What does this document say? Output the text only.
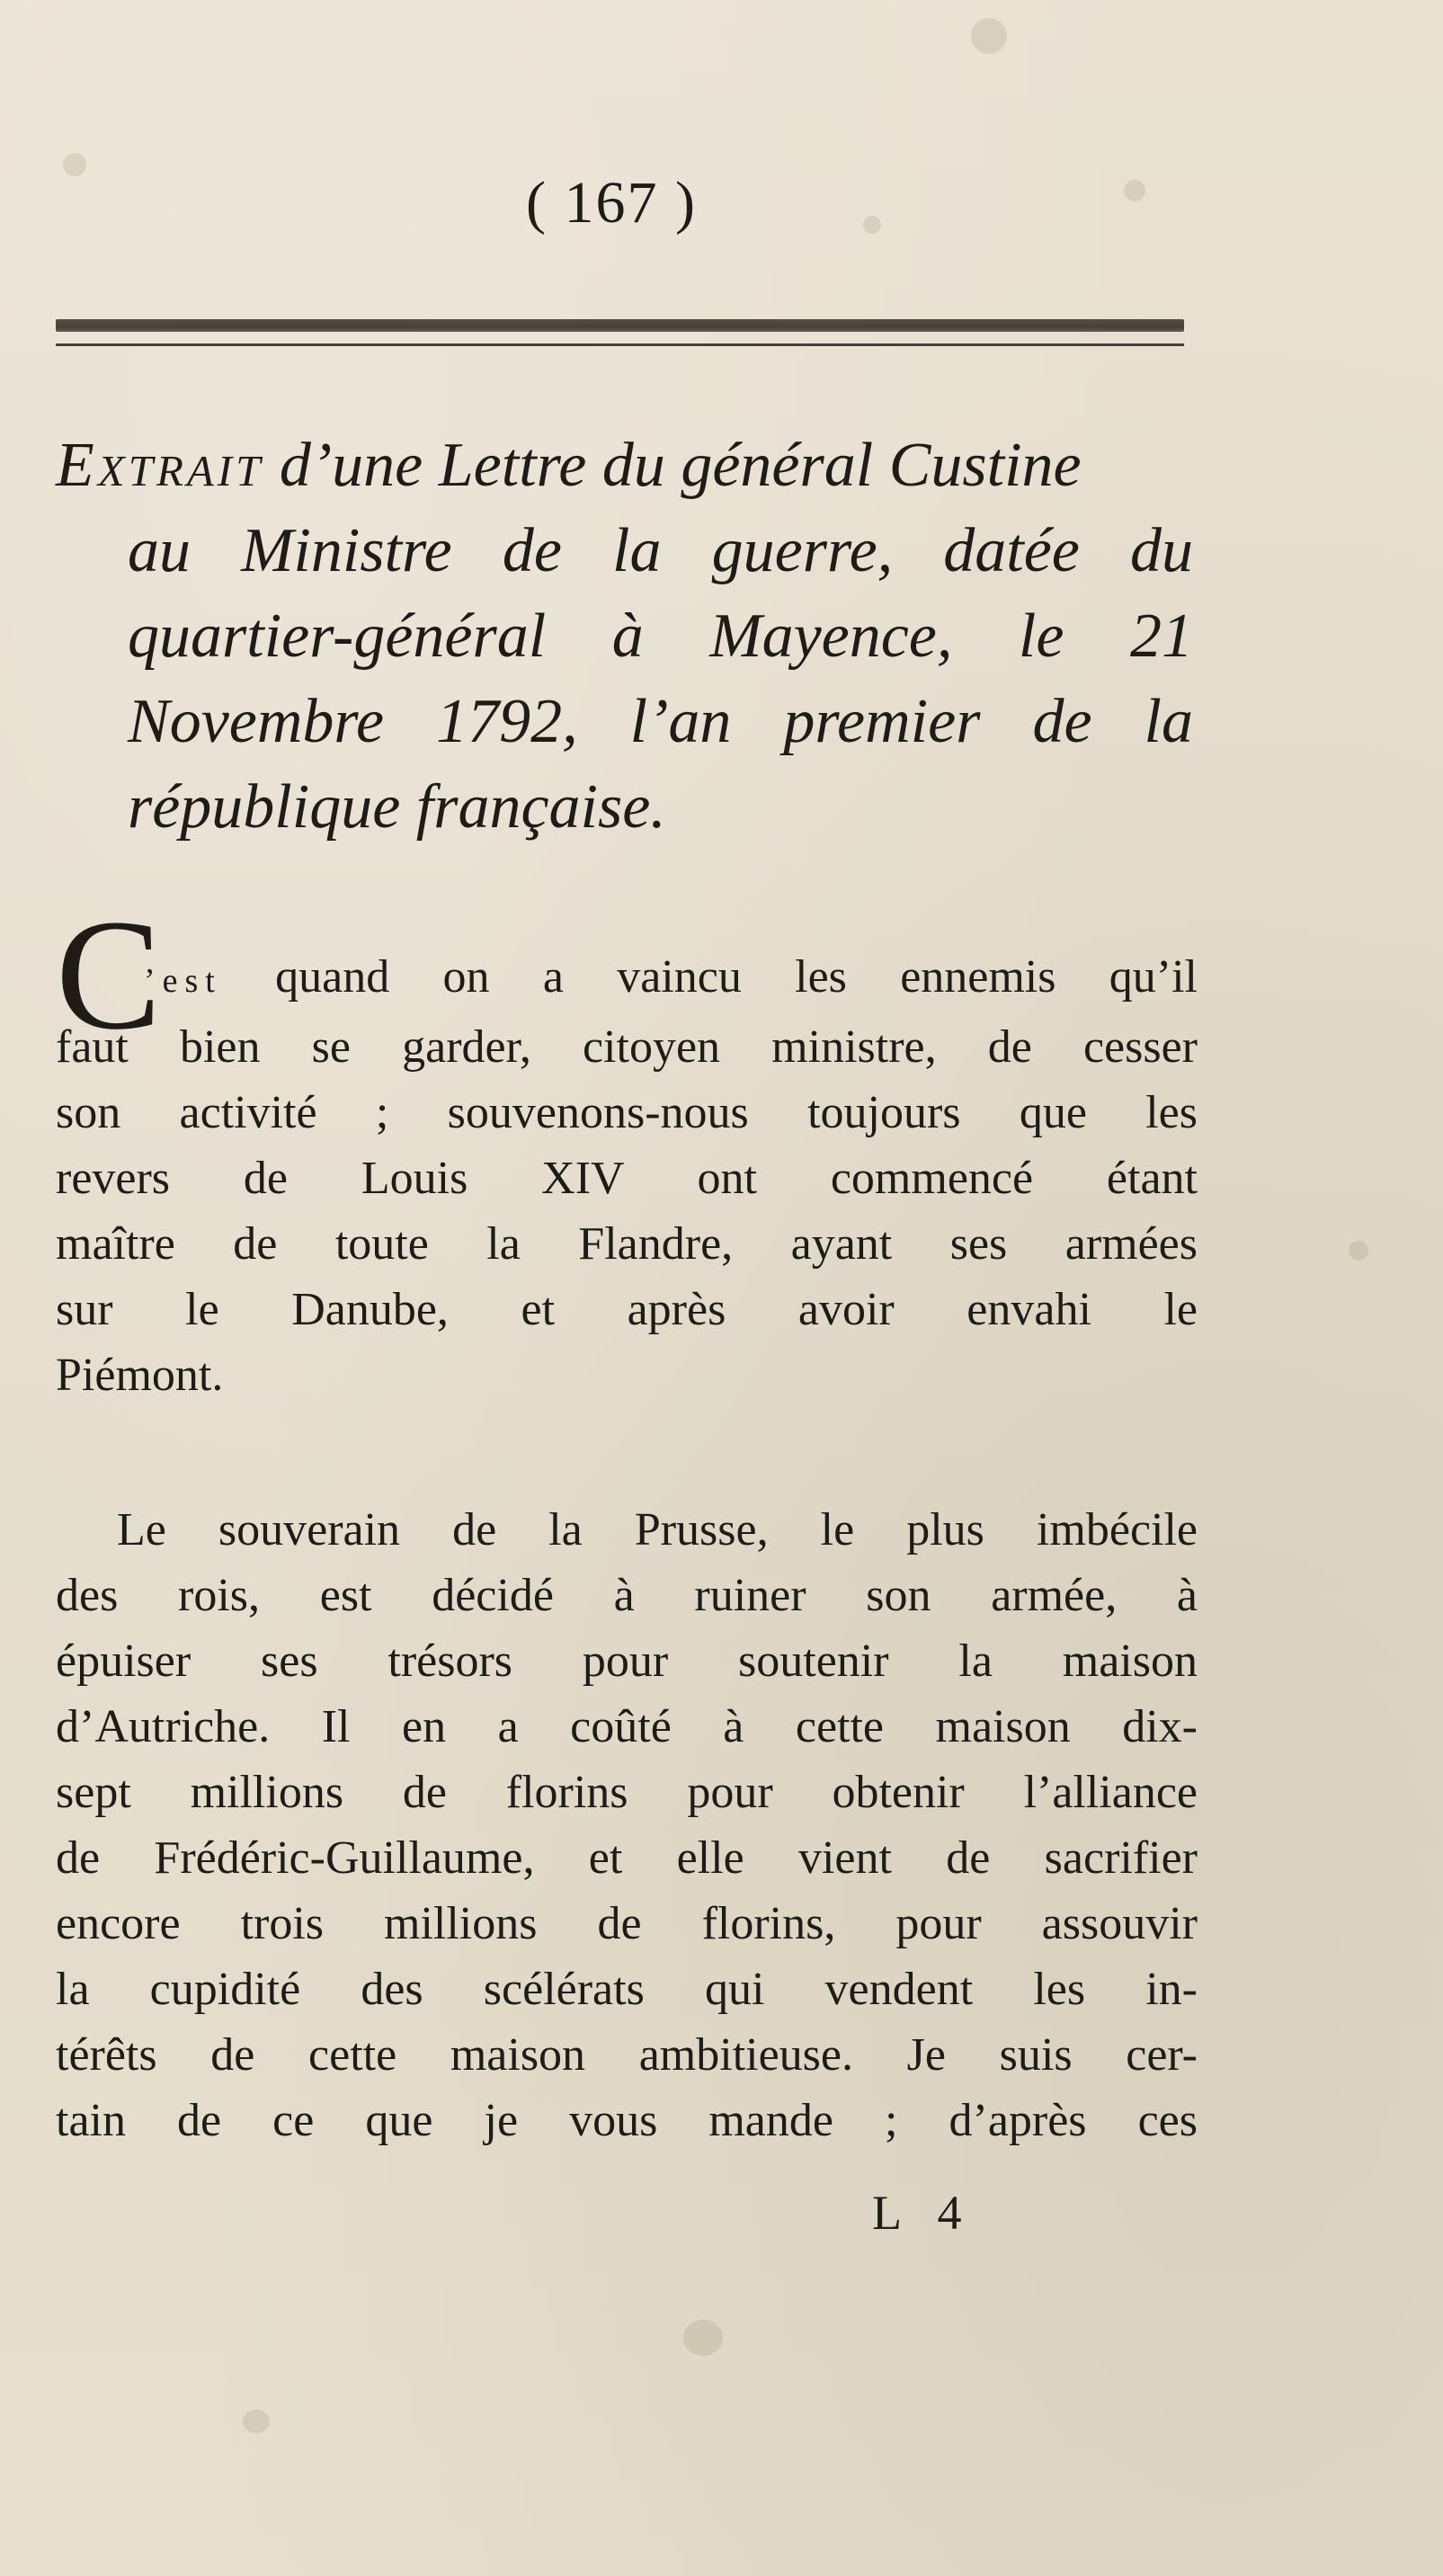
( 167 )
Extrait d’une Lettre du général Custine
au Ministre de la guerre, datée du
quartier-général à Mayence, le 21
Novembre 1792, l’an premier de la
république française.
C
’est quand on a vaincu les ennemis qu’il
faut bien se garder, citoyen ministre, de cesser
son activité ; souvenons-nous toujours que les
revers de Louis XIV ont commencé étant
maître de toute la Flandre, ayant ses armées
sur le Danube, et après avoir envahi le
Piémont.
Le souverain de la Prusse, le plus imbécile
des rois, est décidé à ruiner son armée, à
épuiser ses trésors pour soutenir la maison
d’Autriche. Il en a coûté à cette maison dix-
sept millions de florins pour obtenir l’alliance
de Frédéric-Guillaume, et elle vient de sacrifier
encore trois millions de florins, pour assouvir
la cupidité des scélérats qui vendent les in-
térêts de cette maison ambitieuse. Je suis cer-
tain de ce que je vous mande ; d’après ces
L 4
